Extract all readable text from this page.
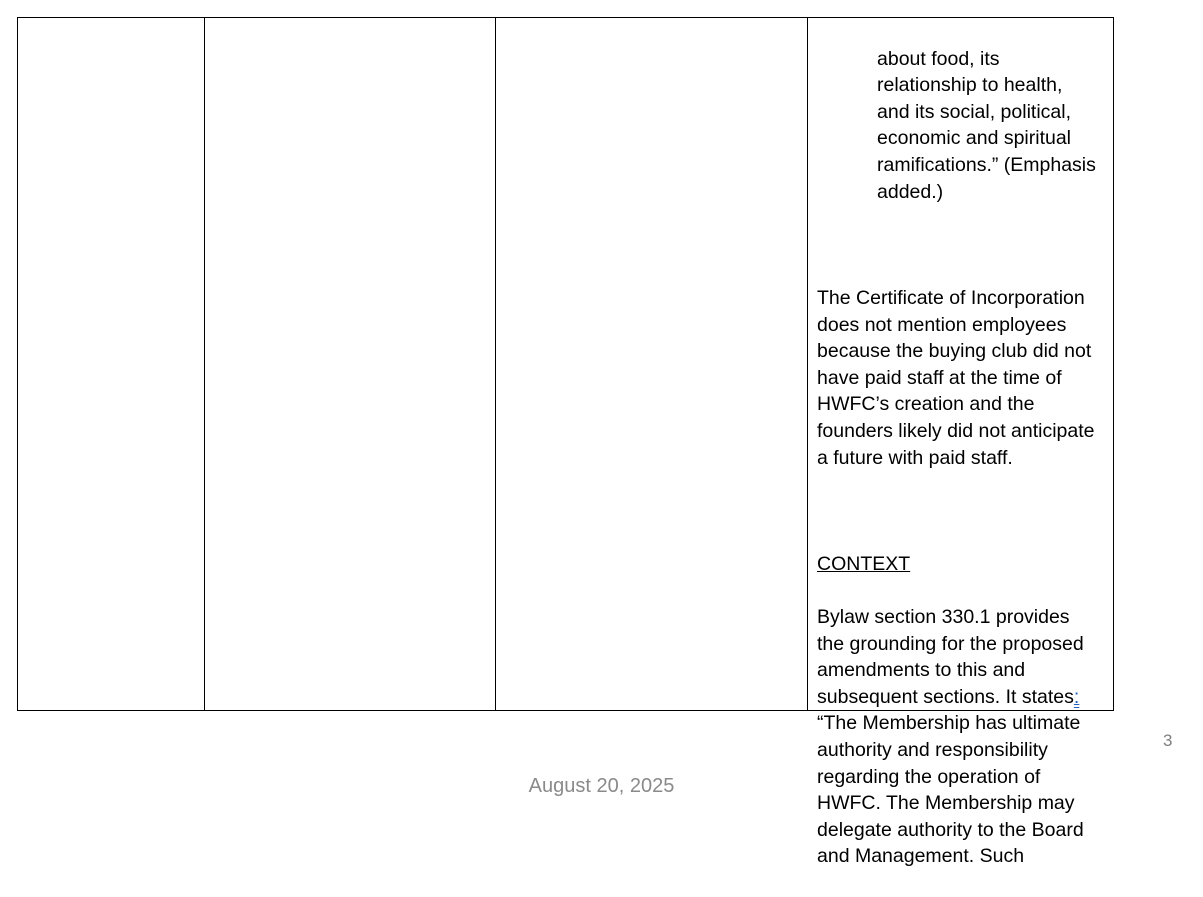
about food, its
relationship to health,
and its social, political,
economic and spiritual
ramifications.” (Emphasis
added.)

The Certificate of Incorporation
does not mention employees
because the buying club did not
have paid staff at the time of
HWFC’s creation and the
founders likely did not anticipate
a future with paid staff.

CONTEXT

Bylaw section 330.1 provides
the grounding for the proposed
amendments to this and
subsequent sections. It states:
“The Membership has ultimate
authority and responsibility
regarding the operation of
HWFC. The Membership may
delegate authority to the Board
and Management. Such

3
August 20, 2025
